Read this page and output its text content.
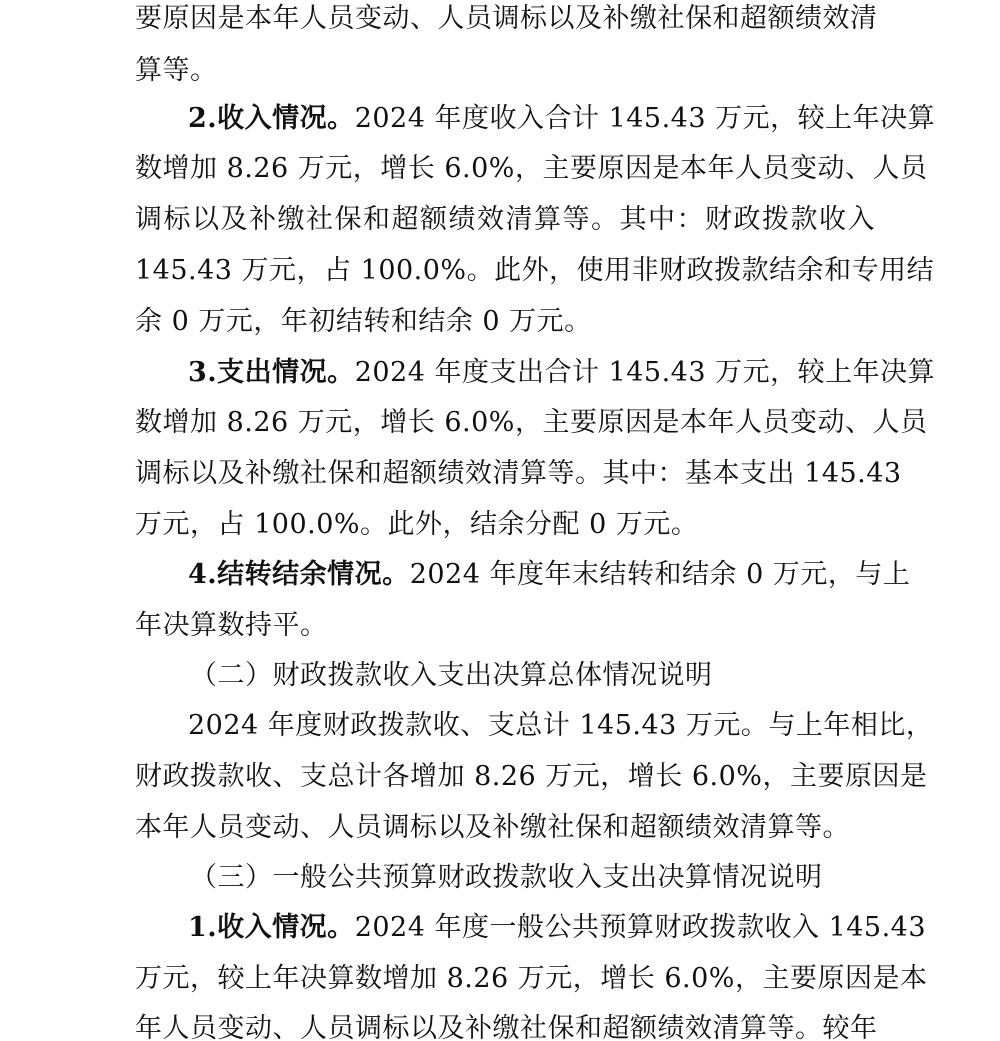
要原因是本年人员变动、人员调标以及补缴社保和超额绩效清
算等。
2.收入情况。2024 年度收入合计 145.43 万元，较上年决算
数增加 8.26 万元，增长 6.0%，主要原因是本年人员变动、人员
调标以及补缴社保和超额绩效清算等。其中：财政拨款收入
145.43 万元，占 100.0%。此外，使用非财政拨款结余和专用结
余 0 万元，年初结转和结余 0 万元。
3.支出情况。2024 年度支出合计 145.43 万元，较上年决算
数增加 8.26 万元，增长 6.0%，主要原因是本年人员变动、人员
调标以及补缴社保和超额绩效清算等。其中：基本支出 145.43
万元，占 100.0%。此外，结余分配 0 万元。
4.结转结余情况。2024 年度年末结转和结余 0 万元，与上
年决算数持平。
（二）财政拨款收入支出决算总体情况说明
2024 年度财政拨款收、支总计 145.43 万元。与上年相比，
财政拨款收、支总计各增加 8.26 万元，增长 6.0%，主要原因是
本年人员变动、人员调标以及补缴社保和超额绩效清算等。
（三）一般公共预算财政拨款收入支出决算情况说明
1.收入情况。2024 年度一般公共预算财政拨款收入 145.43
万元，较上年决算数增加 8.26 万元，增长 6.0%，主要原因是本
年人员变动、人员调标以及补缴社保和超额绩效清算等。较年
